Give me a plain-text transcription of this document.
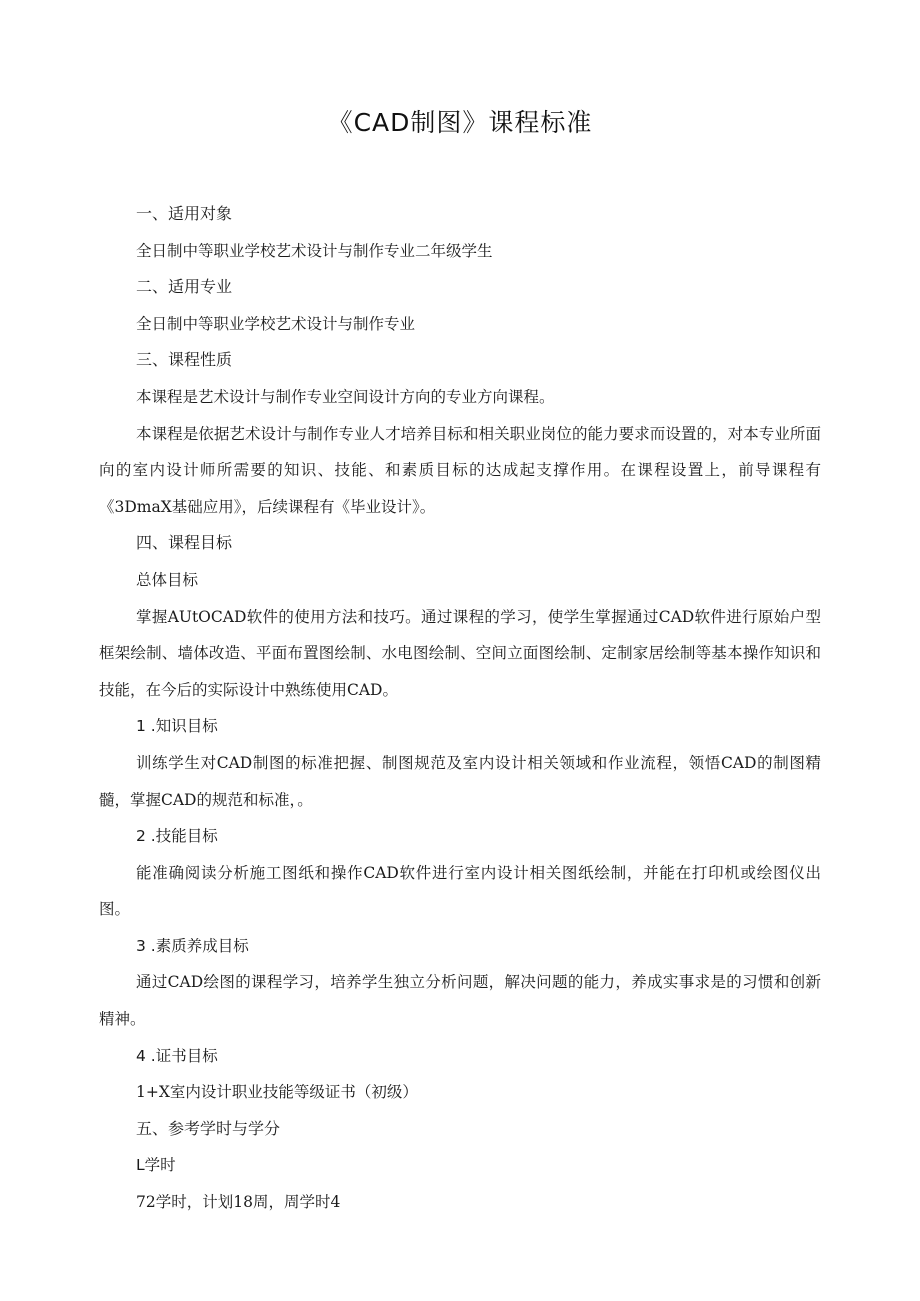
《CAD制图》课程标准

一、适用对象

全日制中等职业学校艺术设计与制作专业二年级学生

二、适用专业

全日制中等职业学校艺术设计与制作专业

三、课程性质

本课程是艺术设计与制作专业空间设计方向的专业方向课程。

本课程是依据艺术设计与制作专业人才培养目标和相关职业岗位的能力要求而设置的，对本专业所面向的室内设计师所需要的知识、技能、和素质目标的达成起支撑作用。在课程设置上，前导课程有《3DmaX基础应用》，后续课程有《毕业设计》。

四、课程目标

总体目标

掌握AUtOCAD软件的使用方法和技巧。通过课程的学习，使学生掌握通过CAD软件进行原始户型框架绘制、墙体改造、平面布置图绘制、水电图绘制、空间立面图绘制、定制家居绘制等基本操作知识和技能，在今后的实际设计中熟练使用CAD。

1 .知识目标

训练学生对CAD制图的标准把握、制图规范及室内设计相关领域和作业流程，领悟CAD的制图精髓，掌握CAD的规范和标准，。

2 .技能目标

能准确阅读分析施工图纸和操作CAD软件进行室内设计相关图纸绘制，并能在打印机或绘图仪出图。

3 .素质养成目标

通过CAD绘图的课程学习，培养学生独立分析问题，解决问题的能力，养成实事求是的习惯和创新精神。

4 .证书目标

1+X室内设计职业技能等级证书（初级）

五、参考学时与学分

L学时

72学时，计划18周，周学时4
